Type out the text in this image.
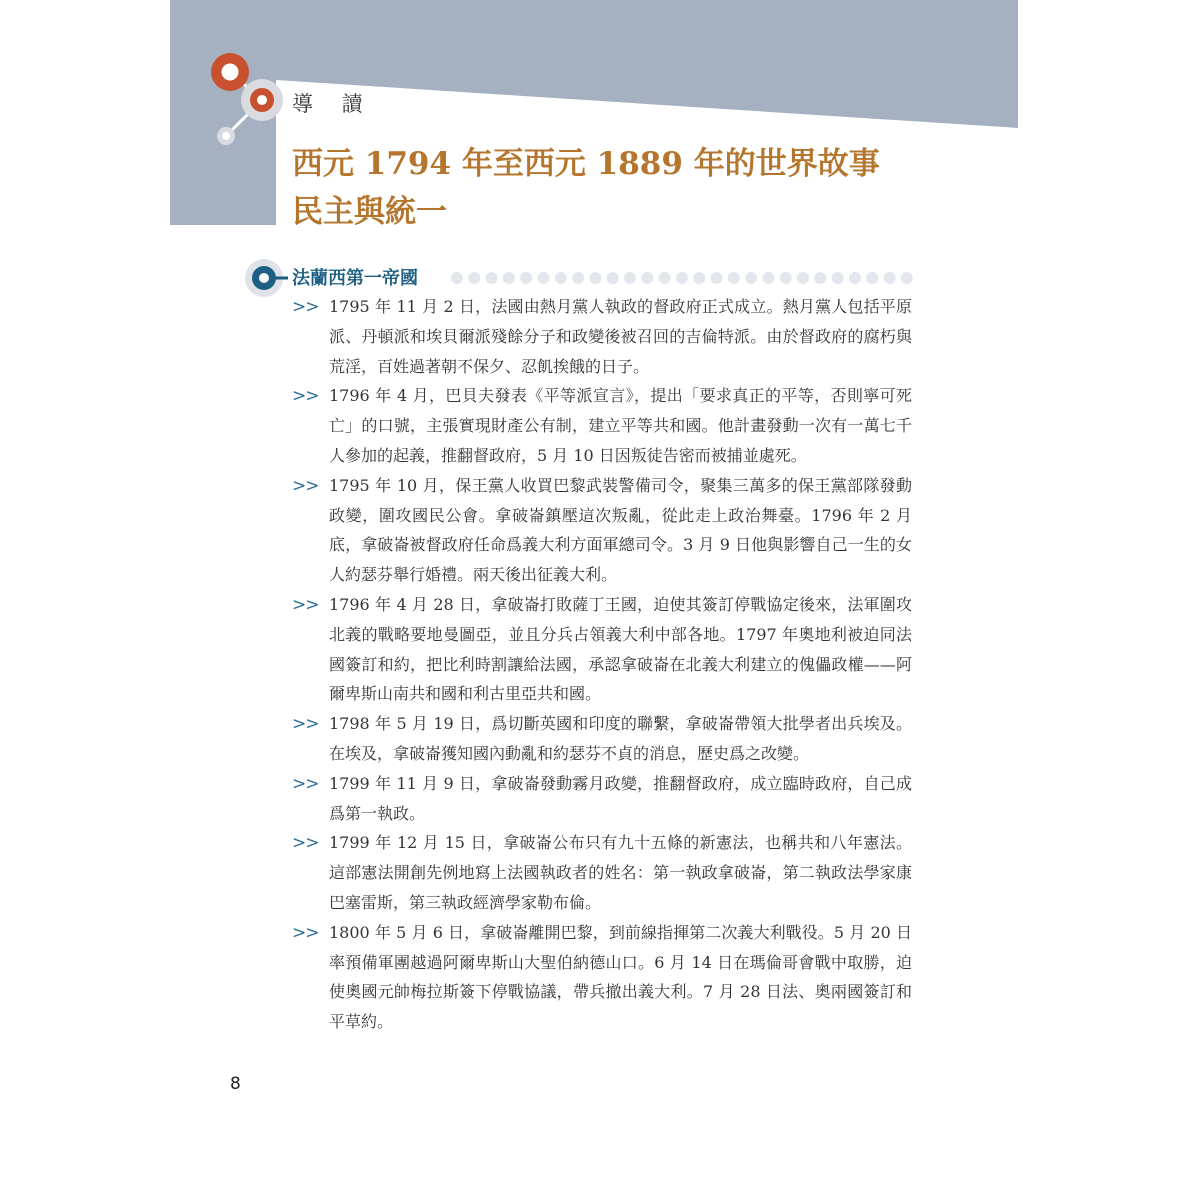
導 讀
西元 1794 年至西元 1889 年的世界故事
民主與統一
法蘭西第一帝國
>> 1795 年 11 月 2 日，法國由熱月黨人執政的督政府正式成立。熱月黨人包括平原派、丹頓派和埃貝爾派殘餘分子和政變後被召回的吉倫特派。由於督政府的腐朽與荒淫，百姓過著朝不保夕、忍飢挨餓的日子。
>> 1796 年 4 月，巴貝夫發表《平等派宣言》，提出「要求真正的平等，否則寧可死亡」的口號，主張實現財產公有制，建立平等共和國。他計畫發動一次有一萬七千人參加的起義，推翻督政府，5 月 10 日因叛徒告密而被捕並處死。
>> 1795 年 10 月，保王黨人收買巴黎武裝警備司令，聚集三萬多的保王黨部隊發動政變，圍攻國民公會。拿破崙鎮壓這次叛亂，從此走上政治舞臺。1796 年 2 月底，拿破崙被督政府任命爲義大利方面軍總司令。3 月 9 日他與影響自己一生的女人約瑟芬舉行婚禮。兩天後出征義大利。
>> 1796 年 4 月 28 日，拿破崙打敗薩丁王國，迫使其簽訂停戰協定後來，法軍圍攻北義的戰略要地曼圖亞，並且分兵占領義大利中部各地。1797 年奧地利被迫同法國簽訂和約，把比利時割讓給法國，承認拿破崙在北義大利建立的傀儡政權——阿爾卑斯山南共和國和利古里亞共和國。
>> 1798 年 5 月 19 日，爲切斷英國和印度的聯繫，拿破崙帶領大批學者出兵埃及。在埃及，拿破崙獲知國內動亂和約瑟芬不貞的消息，歷史爲之改變。
>> 1799 年 11 月 9 日，拿破崙發動霧月政變，推翻督政府，成立臨時政府，自己成爲第一執政。
>> 1799 年 12 月 15 日，拿破崙公布只有九十五條的新憲法，也稱共和八年憲法。這部憲法開創先例地寫上法國執政者的姓名：第一執政拿破崙，第二執政法學家康巴塞雷斯，第三執政經濟學家勒布倫。
>> 1800 年 5 月 6 日，拿破崙離開巴黎，到前線指揮第二次義大利戰役。5 月 20 日率預備軍團越過阿爾卑斯山大聖伯納德山口。6 月 14 日在瑪倫哥會戰中取勝，迫使奧國元帥梅拉斯簽下停戰協議，帶兵撤出義大利。7 月 28 日法、奧兩國簽訂和平草約。
8
